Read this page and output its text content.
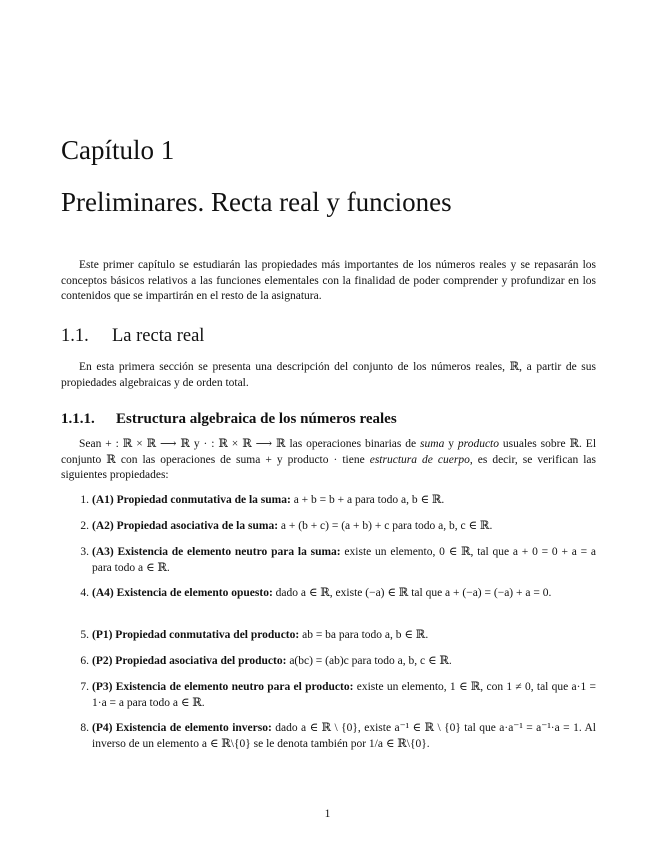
Capítulo 1
Preliminares. Recta real y funciones

Este primer capítulo se estudiarán las propiedades más importantes de los números reales y se repasarán los conceptos básicos relativos a las funciones elementales con la finalidad de poder comprender y profundizar en los contenidos que se impartirán en el resto de la asignatura.

1.1. La recta real

En esta primera sección se presenta una descripción del conjunto de los números reales, ℝ, a partir de sus propiedades algebraicas y de orden total.

1.1.1. Estructura algebraica de los números reales

Sean + : ℝ × ℝ ⟶ ℝ y · : ℝ × ℝ ⟶ ℝ las operaciones binarias de suma y producto usuales sobre ℝ. El conjunto ℝ con las operaciones de suma + y producto · tiene estructura de cuerpo, es decir, se verifican las siguientes propiedades:

1. (A1) Propiedad conmutativa de la suma: a + b = b + a para todo a, b ∈ ℝ.
2. (A2) Propiedad asociativa de la suma: a + (b + c) = (a + b) + c para todo a, b, c ∈ ℝ.
3. (A3) Existencia de elemento neutro para la suma: existe un elemento, 0 ∈ ℝ, tal que a + 0 = 0 + a = a para todo a ∈ ℝ.
4. (A4) Existencia de elemento opuesto: dado a ∈ ℝ, existe (−a) ∈ ℝ tal que a + (−a) = (−a) + a = 0.
5. (P1) Propiedad conmutativa del producto: ab = ba para todo a, b ∈ ℝ.
6. (P2) Propiedad asociativa del producto: a(bc) = (ab)c para todo a, b, c ∈ ℝ.
7. (P3) Existencia de elemento neutro para el producto: existe un elemento, 1 ∈ ℝ, con 1 ≠ 0, tal que a·1 = 1·a = a para todo a ∈ ℝ.
8. (P4) Existencia de elemento inverso: dado a ∈ ℝ \ {0}, existe a⁻¹ ∈ ℝ \ {0} tal que a·a⁻¹ = a⁻¹·a = 1. Al inverso de un elemento a ∈ ℝ\{0} se le denota también por 1/a ∈ ℝ\{0}.
1
